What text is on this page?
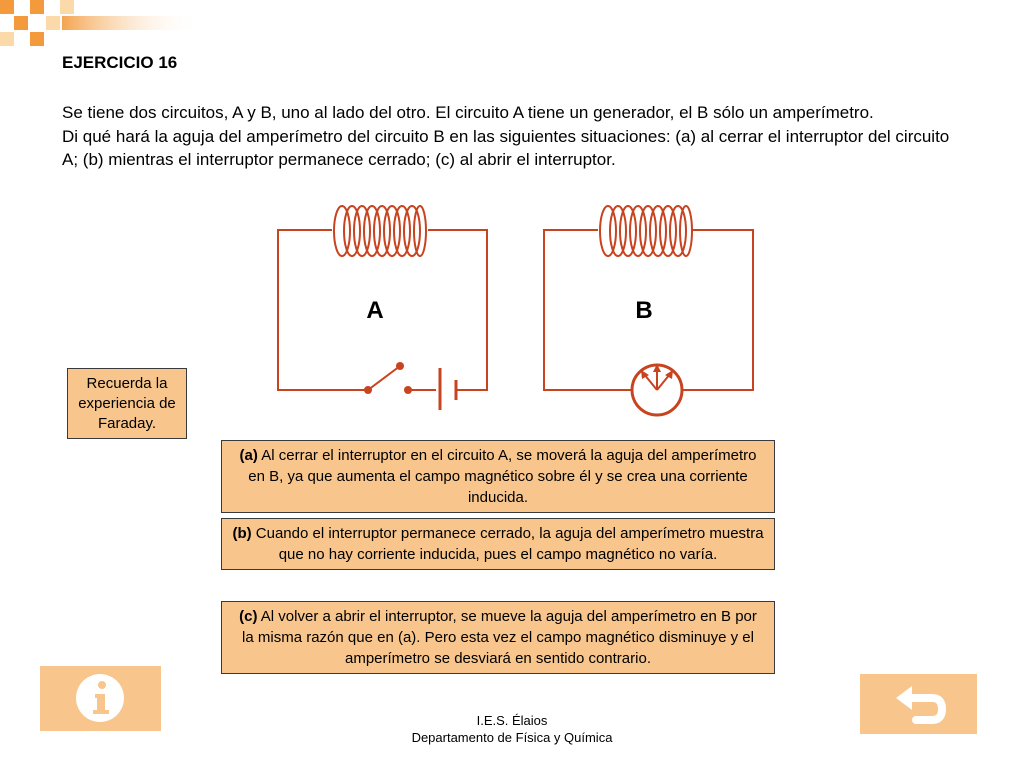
EJERCICIO 16

Se tiene dos circuitos, A y B, uno al lado del otro. El circuito A tiene un generador, el B sólo un amperímetro.

Di qué hará la aguja del amperímetro del circuito B en las siguientes situaciones: (a) al cerrar el interruptor del circuito A; (b) mientras el interruptor permanece cerrado; (c) al abrir el interruptor.

A	B
Recuerda la experiencia de Faraday.
(a) Al cerrar el interruptor en el circuito A, se moverá la aguja del amperímetro en B, ya que aumenta el campo magnético sobre él y se crea una corriente inducida.
(b) Cuando el interruptor permanece cerrado, la aguja del amperímetro muestra que no hay corriente inducida, pues el campo magnético no varía.
(c) Al volver a abrir el interruptor, se mueve la aguja del amperímetro en B por la misma razón que en (a). Pero esta vez el campo magnético disminuye y el amperímetro se desviará en sentido contrario.
I.E.S. Élaios
Departamento de Física y Química
